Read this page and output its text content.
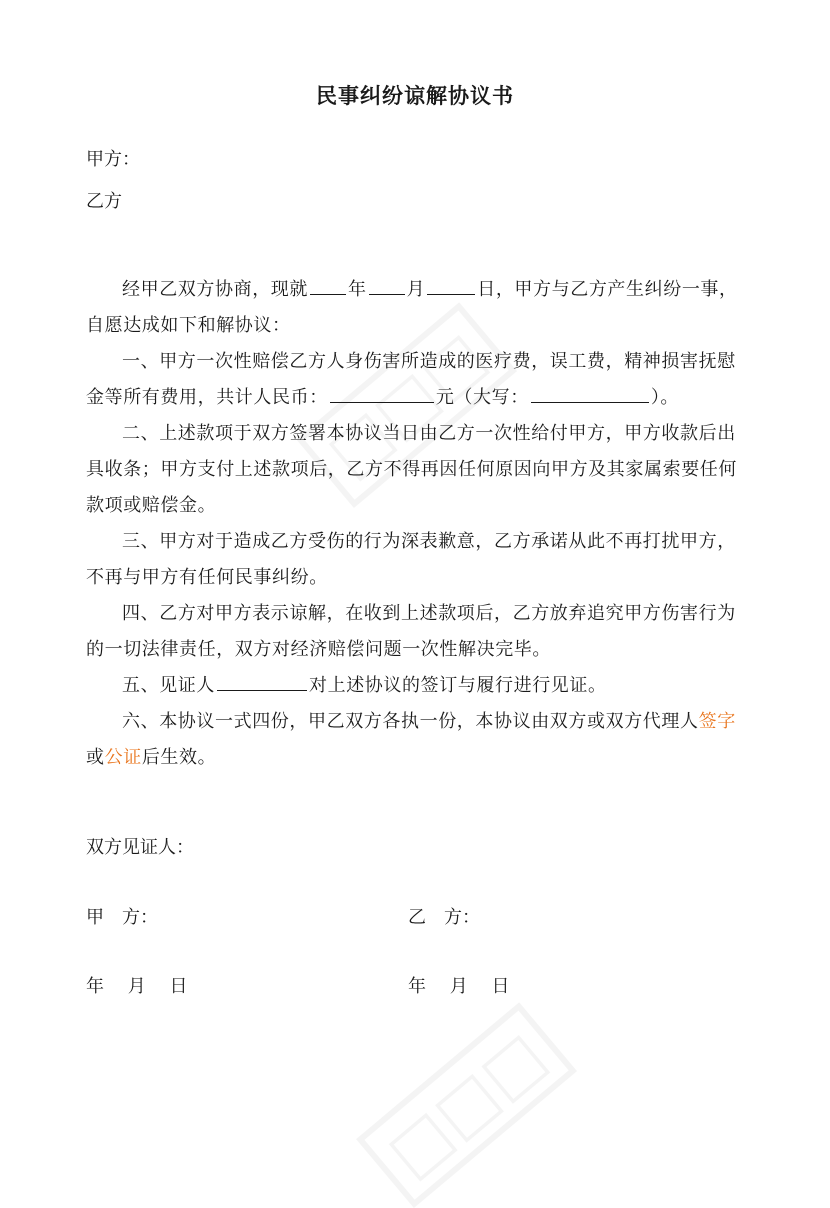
民事纠纷谅解协议书
甲方：
乙方

经甲乙双方协商，现就 年 月	日，甲方与乙方产生纠纷一事，

自愿达成如下和解协议：

一、甲方一次性赔偿乙方人身伤害所造成的医疗费，误工费，精神损害抚慰金等所有费用，共计人民币：	元（大写：	）。

二、上述款项于双方签署本协议当日由乙方一次性给付甲方，甲方收款后出具收条；甲方支付上述款项后，乙方不得再因任何原因向甲方及其家属索要任何款项或赔偿金。

三、甲方对于造成乙方受伤的行为深表歉意，乙方承诺从此不再打扰甲方，不再与甲方有任何民事纠纷。

四、乙方对甲方表示谅解，在收到上述款项后，乙方放弃追究甲方伤害行为的一切法律责任，双方对经济赔偿问题一次性解决完毕。

五、见证人	对上述协议的签订与履行进行见证。

六、本协议一式四份，甲乙双方各执一份，本协议由双方或双方代理人签字或公证后生效。

双方见证人：
甲　方：	乙　方：
年　 月　 日	年　 月　 日
